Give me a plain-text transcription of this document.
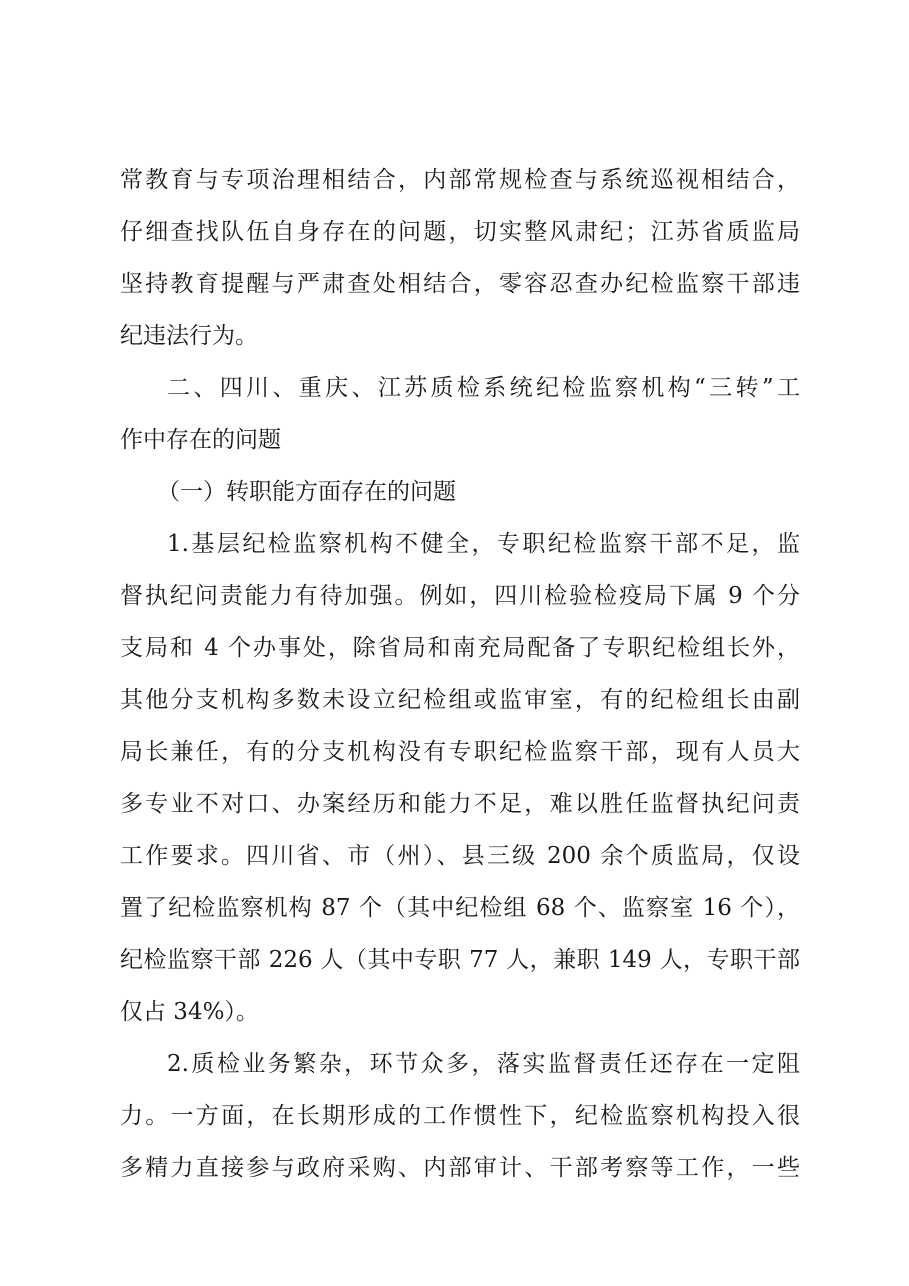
常教育与专项治理相结合，内部常规检查与系统巡视相结合，
仔细查找队伍自身存在的问题，切实整风肃纪；江苏省质监局
坚持教育提醒与严肃查处相结合，零容忍查办纪检监察干部违
纪违法行为。
二、四川、重庆、江苏质检系统纪检监察机构“三转”工
作中存在的问题
（一）转职能方面存在的问题
1.基层纪检监察机构不健全，专职纪检监察干部不足，监
督执纪问责能力有待加强。例如，四川检验检疫局下属 9 个分
支局和 4 个办事处，除省局和南充局配备了专职纪检组长外，
其他分支机构多数未设立纪检组或监审室，有的纪检组长由副
局长兼任，有的分支机构没有专职纪检监察干部，现有人员大
多专业不对口、办案经历和能力不足，难以胜任监督执纪问责
工作要求。四川省、市（州）、县三级 200 余个质监局，仅设
置了纪检监察机构 87 个（其中纪检组 68 个、监察室 16 个），
纪检监察干部 226 人（其中专职 77 人，兼职 149 人，专职干部
仅占 34%）。
2.质检业务繁杂，环节众多，落实监督责任还存在一定阻
力。一方面，在长期形成的工作惯性下，纪检监察机构投入很
多精力直接参与政府采购、内部审计、干部考察等工作，一些
